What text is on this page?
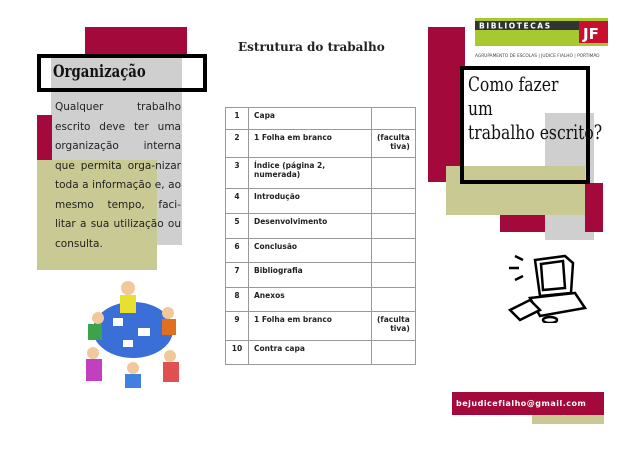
Organização
Qualquer trabalho escrito deve ter uma organização interna que permita orga-nizar toda a informação e, ao mesmo tempo, faci-litar a sua utilização ou consulta.
Estrutura do trabalho
1	Capa	
2	1 Folha em branco	(faculta tiva)
3	Índice (página 2, numerada)	
4	Introdução	
5	Desenvolvimento	
6	Conclusão	
7	Bibliografia	
8	Anexos	
9	1 Folha em branco	(faculta tiva)
10	Contra capa	
BIBLIOTECAS JF
AGRUPAMENTO DE ESCOLAS | JUDICE FIALHO | PORTIMÃO
Como fazer
um
trabalho escrito?
bejudicefialho@gmail.com
